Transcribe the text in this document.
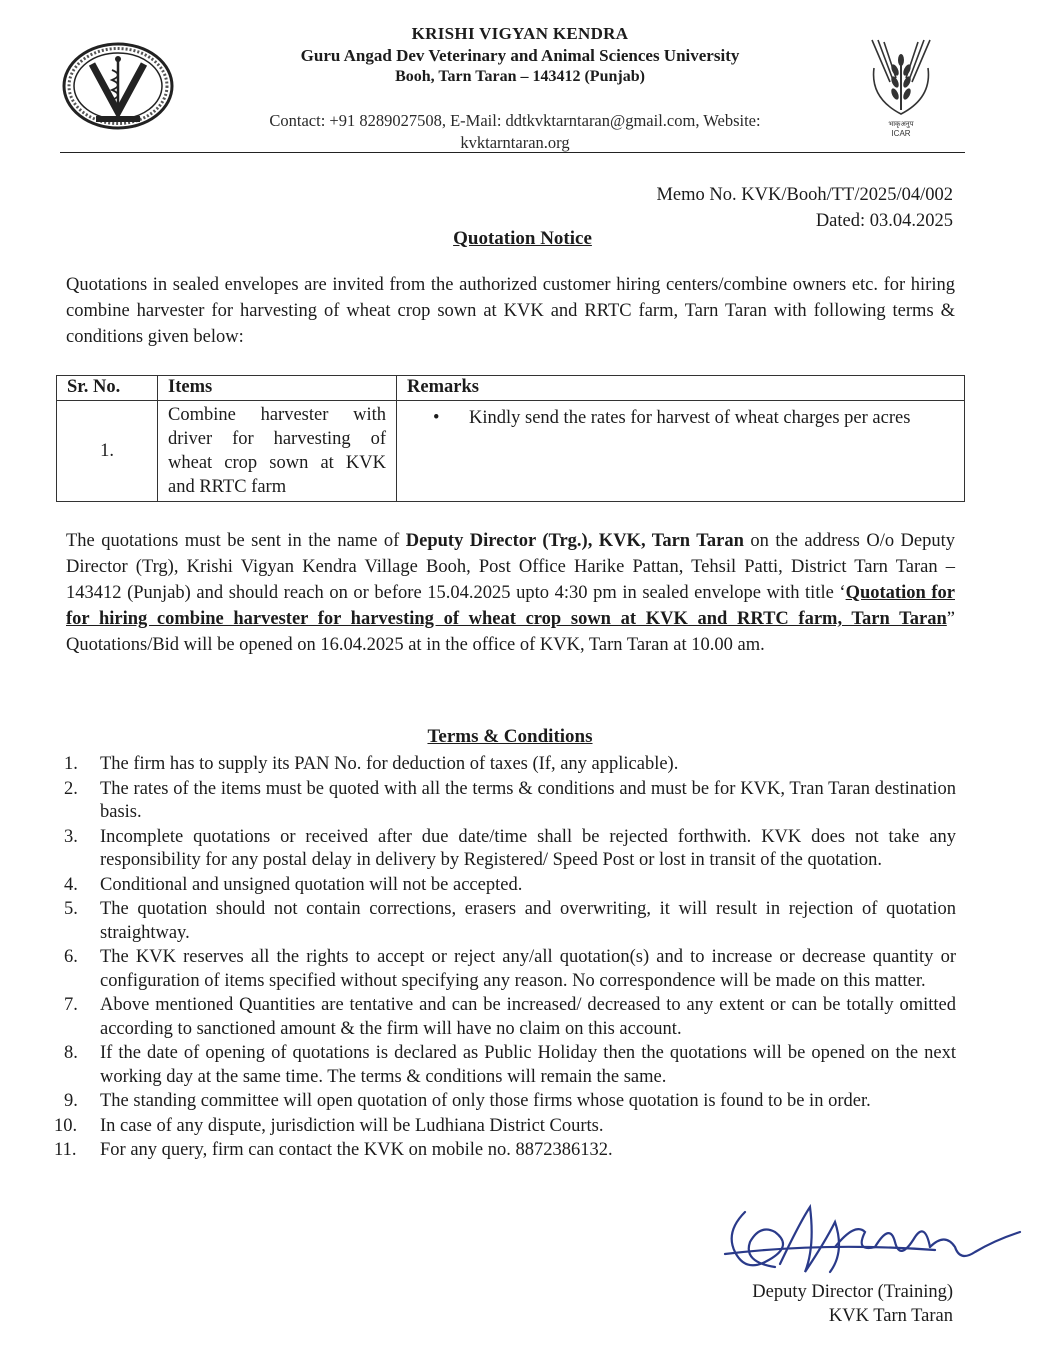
KRISHI VIGYAN KENDRA
Guru Angad Dev Veterinary and Animal Sciences University
Booh, Tarn Taran – 143412 (Punjab)
Contact: +91 8289027508, E-Mail: ddtkvktarntaran@gmail.com, Website:
kvktarntaran.org
भाकृअनुप
ICAR
Memo No. KVK/Booh/TT/2025/04/002
Dated: 03.04.2025
Quotation Notice
Quotations in sealed envelopes are invited from the authorized customer hiring centers/combine owners etc. for hiring combine harvester for harvesting of wheat crop sown at KVK and RRTC farm, Tarn Taran with following terms & conditions given below:
Sr. No.	Items	Remarks
1.	Combine harvester with driver for harvesting of wheat crop sown at KVK and RRTC farm	• Kindly send the rates for harvest of wheat charges per acres
The quotations must be sent in the name of Deputy Director (Trg.), KVK, Tarn Taran on the address O/o Deputy Director (Trg), Krishi Vigyan Kendra Village Booh, Post Office Harike Pattan, Tehsil Patti, District Tarn Taran – 143412 (Punjab) and should reach on or before 15.04.2025 upto 4:30 pm in sealed envelope with title ‘Quotation for for hiring combine harvester for harvesting of wheat crop sown at KVK and RRTC farm, Tarn Taran” Quotations/Bid will be opened on 16.04.2025 at in the office of KVK, Tarn Taran at 10.00 am.
Terms & Conditions
1. The firm has to supply its PAN No. for deduction of taxes (If, any applicable).
2. The rates of the items must be quoted with all the terms & conditions and must be for KVK, Tran Taran destination basis.
3. Incomplete quotations or received after due date/time shall be rejected forthwith. KVK does not take any responsibility for any postal delay in delivery by Registered/ Speed Post or lost in transit of the quotation.
4. Conditional and unsigned quotation will not be accepted.
5. The quotation should not contain corrections, erasers and overwriting, it will result in rejection of quotation straightway.
6. The KVK reserves all the rights to accept or reject any/all quotation(s) and to increase or decrease quantity or configuration of items specified without specifying any reason. No correspondence will be made on this matter.
7. Above mentioned Quantities are tentative and can be increased/ decreased to any extent or can be totally omitted according to sanctioned amount & the firm will have no claim on this account.
8. If the date of opening of quotations is declared as Public Holiday then the quotations will be opened on the next working day at the same time. The terms & conditions will remain the same.
9. The standing committee will open quotation of only those firms whose quotation is found to be in order.
10. In case of any dispute, jurisdiction will be Ludhiana District Courts.
11. For any query, firm can contact the KVK on mobile no. 8872386132.
Deputy Director (Training)
KVK Tarn Taran
